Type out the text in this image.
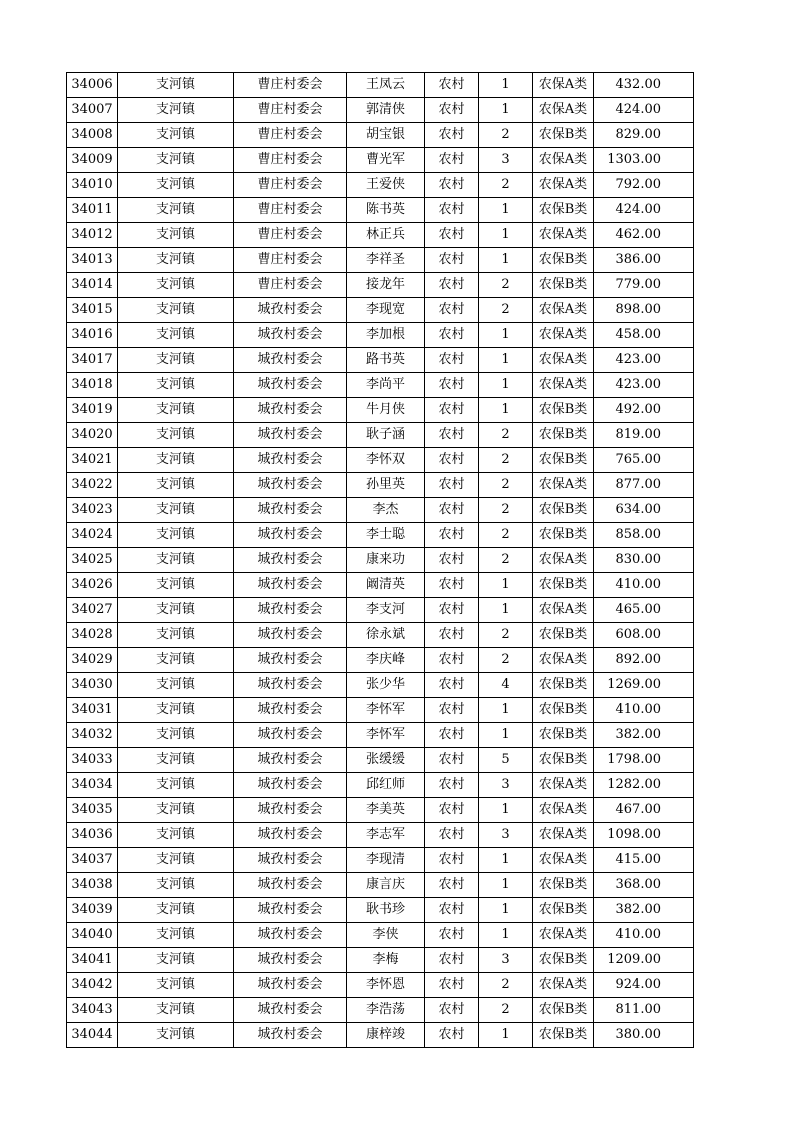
34006	支河镇	曹庄村委会	王凤云	农村	1	农保A类	432.00
34007	支河镇	曹庄村委会	郭清侠	农村	1	农保A类	424.00
34008	支河镇	曹庄村委会	胡宝银	农村	2	农保B类	829.00
34009	支河镇	曹庄村委会	曹光军	农村	3	农保A类	1303.00
34010	支河镇	曹庄村委会	王爱侠	农村	2	农保A类	792.00
34011	支河镇	曹庄村委会	陈书英	农村	1	农保B类	424.00
34012	支河镇	曹庄村委会	林正兵	农村	1	农保A类	462.00
34013	支河镇	曹庄村委会	李祥圣	农村	1	农保B类	386.00
34014	支河镇	曹庄村委会	接龙年	农村	2	农保B类	779.00
34015	支河镇	城孜村委会	李现宽	农村	2	农保A类	898.00
34016	支河镇	城孜村委会	李加根	农村	1	农保A类	458.00
34017	支河镇	城孜村委会	路书英	农村	1	农保A类	423.00
34018	支河镇	城孜村委会	李尚平	农村	1	农保A类	423.00
34019	支河镇	城孜村委会	牛月侠	农村	1	农保B类	492.00
34020	支河镇	城孜村委会	耿子涵	农村	2	农保B类	819.00
34021	支河镇	城孜村委会	李怀双	农村	2	农保B类	765.00
34022	支河镇	城孜村委会	孙里英	农村	2	农保A类	877.00
34023	支河镇	城孜村委会	李杰	农村	2	农保B类	634.00
34024	支河镇	城孜村委会	李士聪	农村	2	农保B类	858.00
34025	支河镇	城孜村委会	康来功	农村	2	农保A类	830.00
34026	支河镇	城孜村委会	阚清英	农村	1	农保B类	410.00
34027	支河镇	城孜村委会	李支河	农村	1	农保A类	465.00
34028	支河镇	城孜村委会	徐永斌	农村	2	农保B类	608.00
34029	支河镇	城孜村委会	李庆峰	农村	2	农保A类	892.00
34030	支河镇	城孜村委会	张少华	农村	4	农保B类	1269.00
34031	支河镇	城孜村委会	李怀军	农村	1	农保B类	410.00
34032	支河镇	城孜村委会	李怀军	农村	1	农保B类	382.00
34033	支河镇	城孜村委会	张缓缓	农村	5	农保B类	1798.00
34034	支河镇	城孜村委会	邱红师	农村	3	农保A类	1282.00
34035	支河镇	城孜村委会	李美英	农村	1	农保A类	467.00
34036	支河镇	城孜村委会	李志军	农村	3	农保A类	1098.00
34037	支河镇	城孜村委会	李现清	农村	1	农保A类	415.00
34038	支河镇	城孜村委会	康言庆	农村	1	农保B类	368.00
34039	支河镇	城孜村委会	耿书珍	农村	1	农保B类	382.00
34040	支河镇	城孜村委会	李侠	农村	1	农保A类	410.00
34041	支河镇	城孜村委会	李梅	农村	3	农保B类	1209.00
34042	支河镇	城孜村委会	李怀恩	农村	2	农保A类	924.00
34043	支河镇	城孜村委会	李浩荡	农村	2	农保B类	811.00
34044	支河镇	城孜村委会	康梓竣	农村	1	农保B类	380.00
